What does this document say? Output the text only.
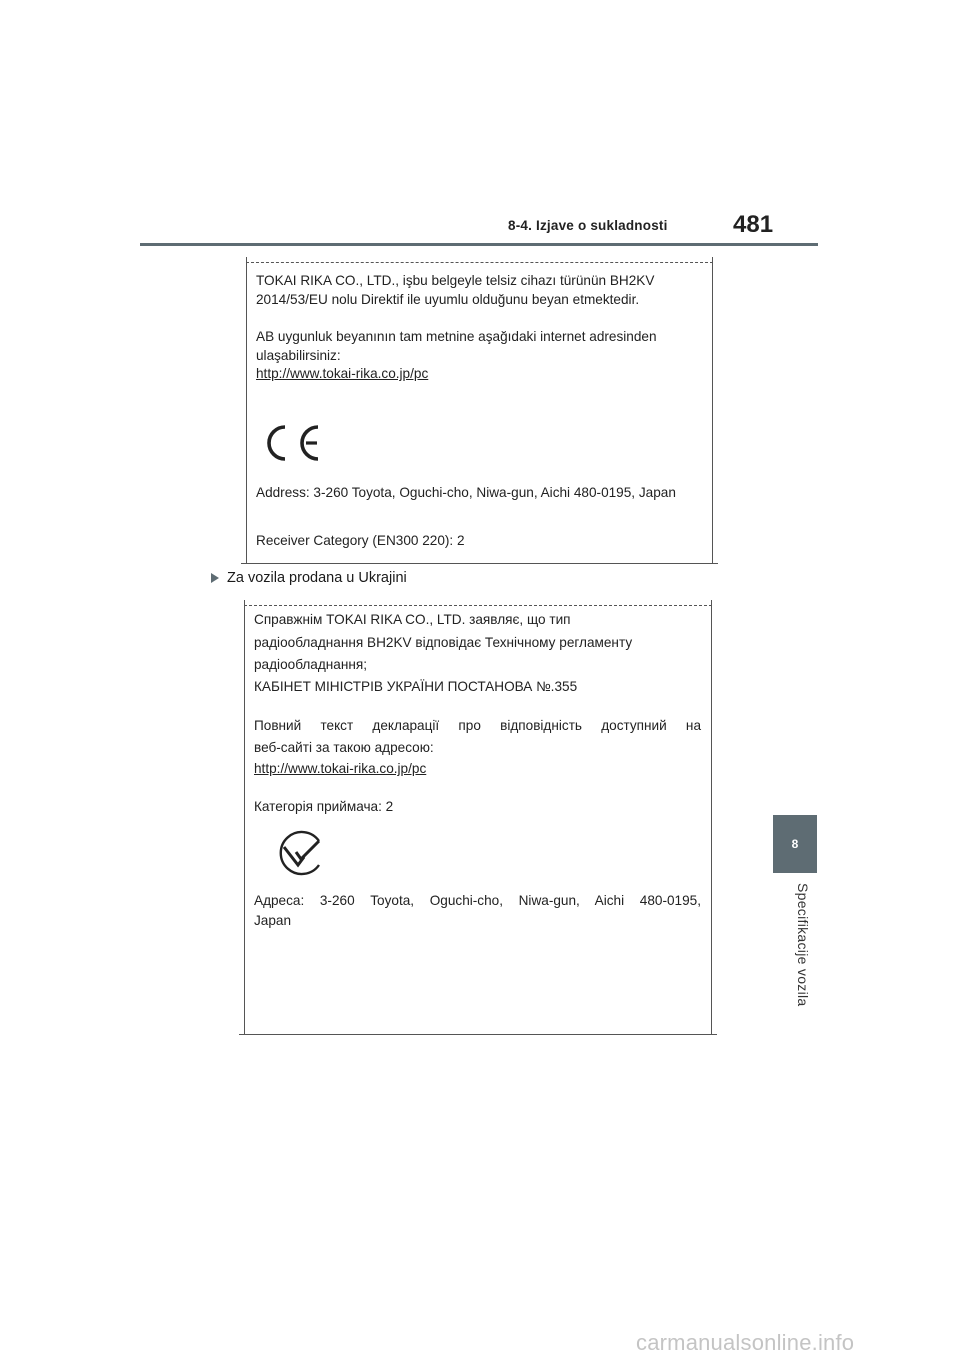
8-4. Izjave o sukladnosti	481
8
Specifikacije vozila
TOKAI RIKA CO., LTD., işbu belgeyle telsiz cihazı türünün BH2KV
2014/53/EU nolu Direktif ile uyumlu olduğunu beyan etmektedir.
AB uygunluk beyanının tam metnine aşağıdaki internet adresinden
ulaşabilirsiniz:
http://www.tokai-rika.co.jp/pc
Address: 3-260 Toyota, Oguchi-cho, Niwa-gun, Aichi 480-0195, Japan
Receiver Category (EN300 220): 2
Za vozila prodana u Ukrajini
Справжнім TOKAI RIKA CO., LTD. заявляє, що тип
радіообладнання BH2KV відповідає Технічному регламенту
радіообладнання;
КАБІНЕТ МІНІСТРІВ УКРАЇНИ ПОСТАНОВА №.355
Повний текст декларації про відповідність доступний на
веб-сайті за такою адресою:
http://www.tokai-rika.co.jp/pc
Категорія приймача: 2
Адреса: 3-260 Toyota, Oguchi-cho, Niwa-gun, Aichi 480-0195,
Japan
carmanualsonline.info
